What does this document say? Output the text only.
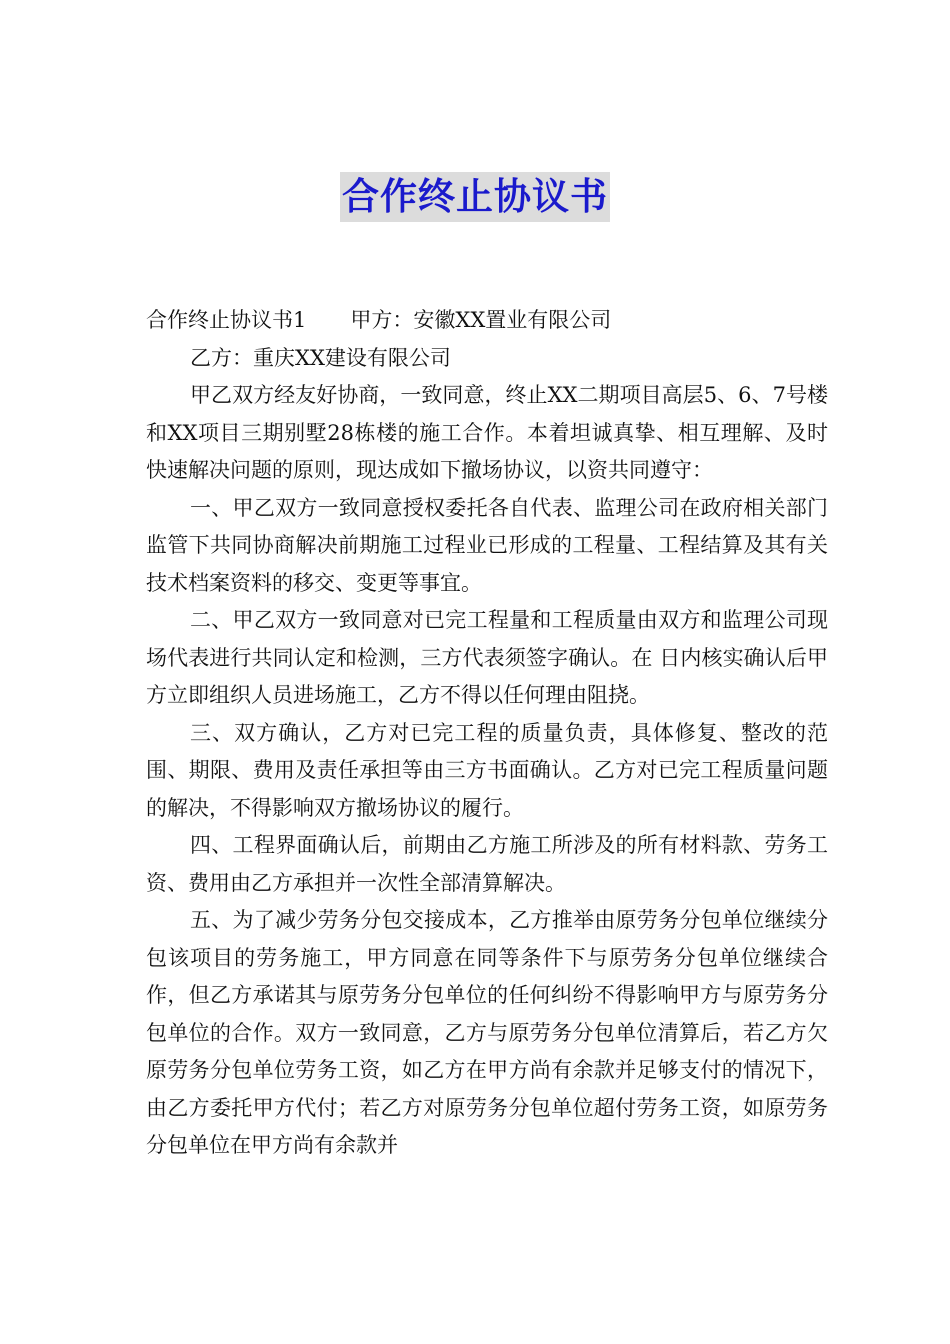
合作终止协议书

合作终止协议书1 甲方：安徽XX置业有限公司

乙方：重庆XX建设有限公司

甲乙双方经友好协商，一致同意，终止XX二期项目高层5、6、7号楼和XX项目三期别墅28栋楼的施工合作。本着坦诚真挚、相互理解、及时快速解决问题的原则，现达成如下撤场协议，以资共同遵守：

一、甲乙双方一致同意授权委托各自代表、监理公司在政府相关部门监管下共同协商解决前期施工过程业已形成的工程量、工程结算及其有关技术档案资料的移交、变更等事宜。

二、甲乙双方一致同意对已完工程量和工程质量由双方和监理公司现场代表进行共同认定和检测，三方代表须签字确认。在 日内核实确认后甲方立即组织人员进场施工，乙方不得以任何理由阻挠。

三、双方确认，乙方对已完工程的质量负责，具体修复、整改的范围、期限、费用及责任承担等由三方书面确认。乙方对已完工程质量问题的解决，不得影响双方撤场协议的履行。

四、工程界面确认后，前期由乙方施工所涉及的所有材料款、劳务工资、费用由乙方承担并一次性全部清算解决。

五、为了减少劳务分包交接成本，乙方推举由原劳务分包单位继续分包该项目的劳务施工，甲方同意在同等条件下与原劳务分包单位继续合作，但乙方承诺其与原劳务分包单位的任何纠纷不得影响甲方与原劳务分包单位的合作。双方一致同意，乙方与原劳务分包单位清算后，若乙方欠原劳务分包单位劳务工资，如乙方在甲方尚有余款并足够支付的情况下，由乙方委托甲方代付；若乙方对原劳务分包单位超付劳务工资，如原劳务分包单位在甲方尚有余款并
